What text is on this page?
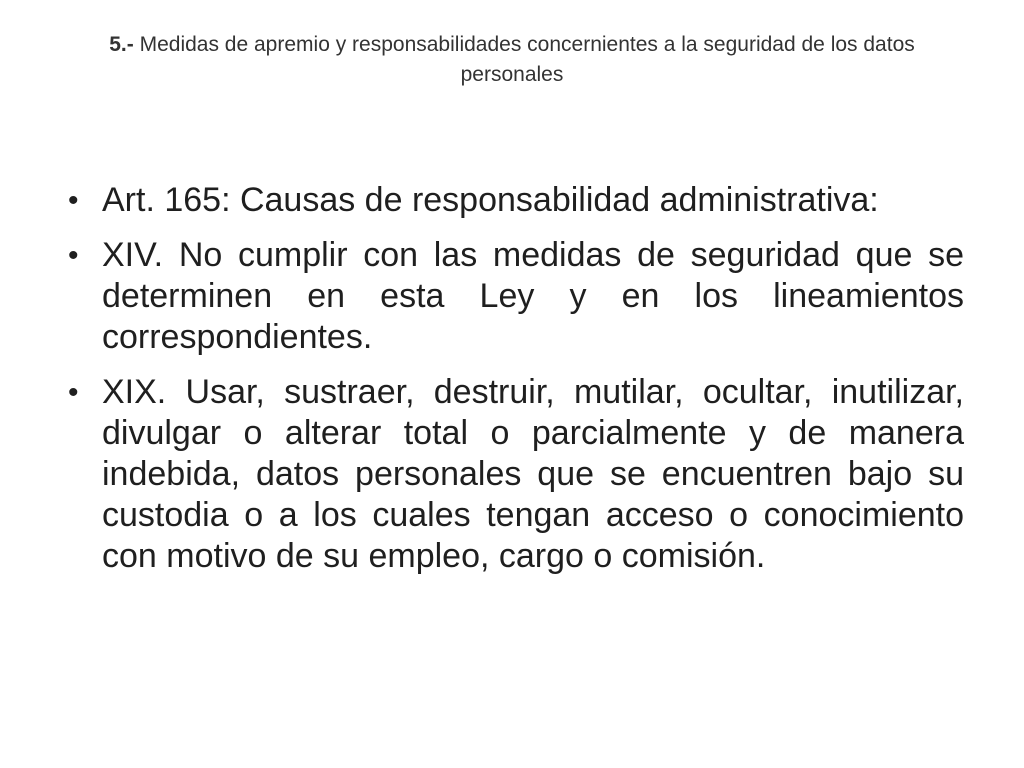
5.- Medidas de apremio y responsabilidades concernientes a la seguridad de los datos personales
• Art. 165: Causas de responsabilidad administrativa:
• XIV. No cumplir con las medidas de seguridad que se determinen en esta Ley y en los lineamientos correspondientes.
• XIX. Usar, sustraer, destruir, mutilar, ocultar, inutilizar, divulgar o alterar total o parcialmente y de manera indebida, datos personales que se encuentren bajo su custodia o a los cuales tengan acceso o conocimiento con motivo de su empleo, cargo o comisión.
